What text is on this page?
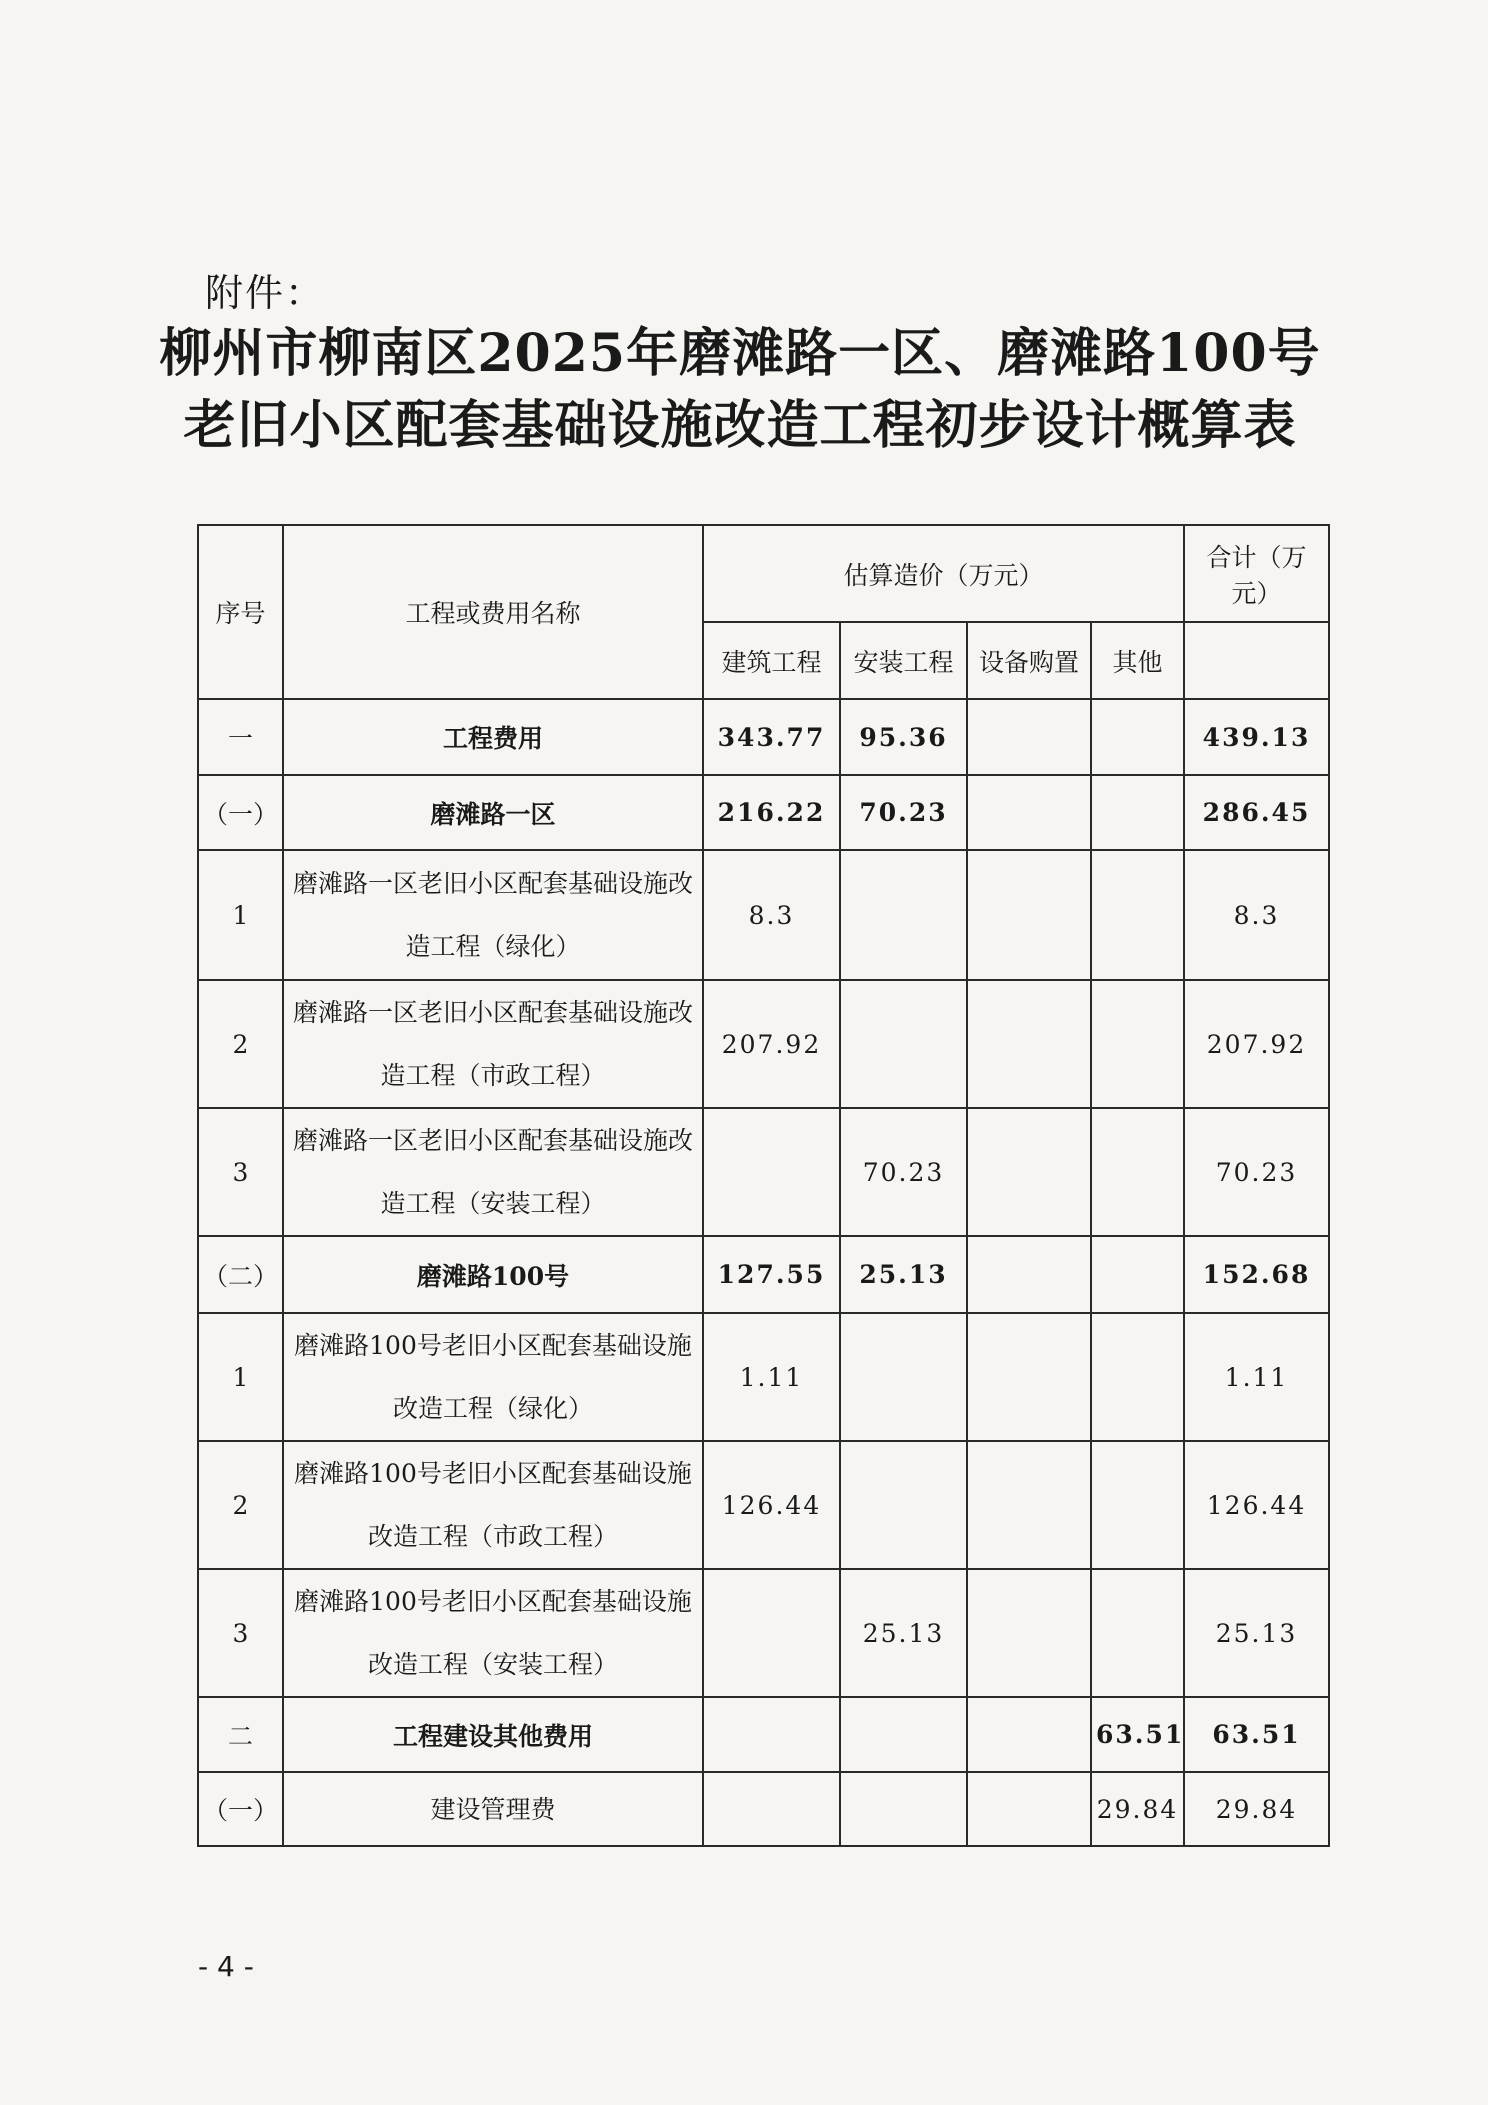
附件：
柳州市柳南区2025年磨滩路一区、磨滩路100号老旧小区配套基础设施改造工程初步设计概算表
序号	工程或费用名称	估算造价（万元）				合计（万元）
		建筑工程	安装工程	设备购置	其他	
一	工程费用	343.77	95.36			439.13
（一）	磨滩路一区	216.22	70.23			286.45
1	磨滩路一区老旧小区配套基础设施改造工程（绿化）	8.3				8.3
2	磨滩路一区老旧小区配套基础设施改造工程（市政工程）	207.92				207.92
3	磨滩路一区老旧小区配套基础设施改造工程（安装工程）		70.23			70.23
（二）	磨滩路100号	127.55	25.13			152.68
1	磨滩路100号老旧小区配套基础设施改造工程（绿化）	1.11				1.11
2	磨滩路100号老旧小区配套基础设施改造工程（市政工程）	126.44				126.44
3	磨滩路100号老旧小区配套基础设施改造工程（安装工程）		25.13			25.13
二	工程建设其他费用				63.51	63.51
（一）	建设管理费				29.84	29.84
- 4 -
